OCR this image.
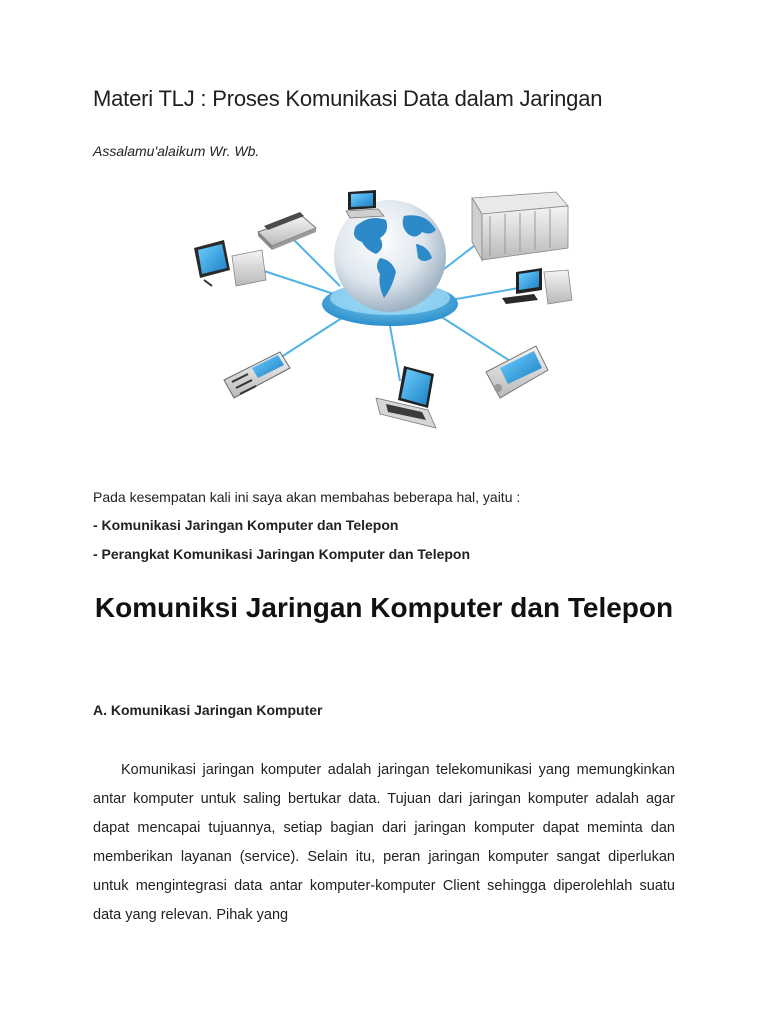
Materi TLJ : Proses Komunikasi Data dalam Jaringan

Assalamu'alaikum Wr. Wb.

Pada kesempatan kali ini saya akan membahas beberapa hal, yaitu :

- Komunikasi Jaringan Komputer dan Telepon
- Perangkat Komunikasi Jaringan Komputer dan Telepon
Komuniksi Jaringan Komputer dan Telepon
A. Komunikasi Jaringan Komputer

Komunikasi jaringan komputer adalah jaringan telekomunikasi yang memungkinkan antar komputer untuk saling bertukar data. Tujuan dari jaringan komputer adalah agar dapat mencapai tujuannya, setiap bagian dari jaringan komputer dapat meminta dan memberikan layanan (service). Selain itu, peran jaringan komputer sangat diperlukan untuk mengintegrasi data antar komputer-komputer Client sehingga diperolehlah suatu data yang relevan. Pihak yang
